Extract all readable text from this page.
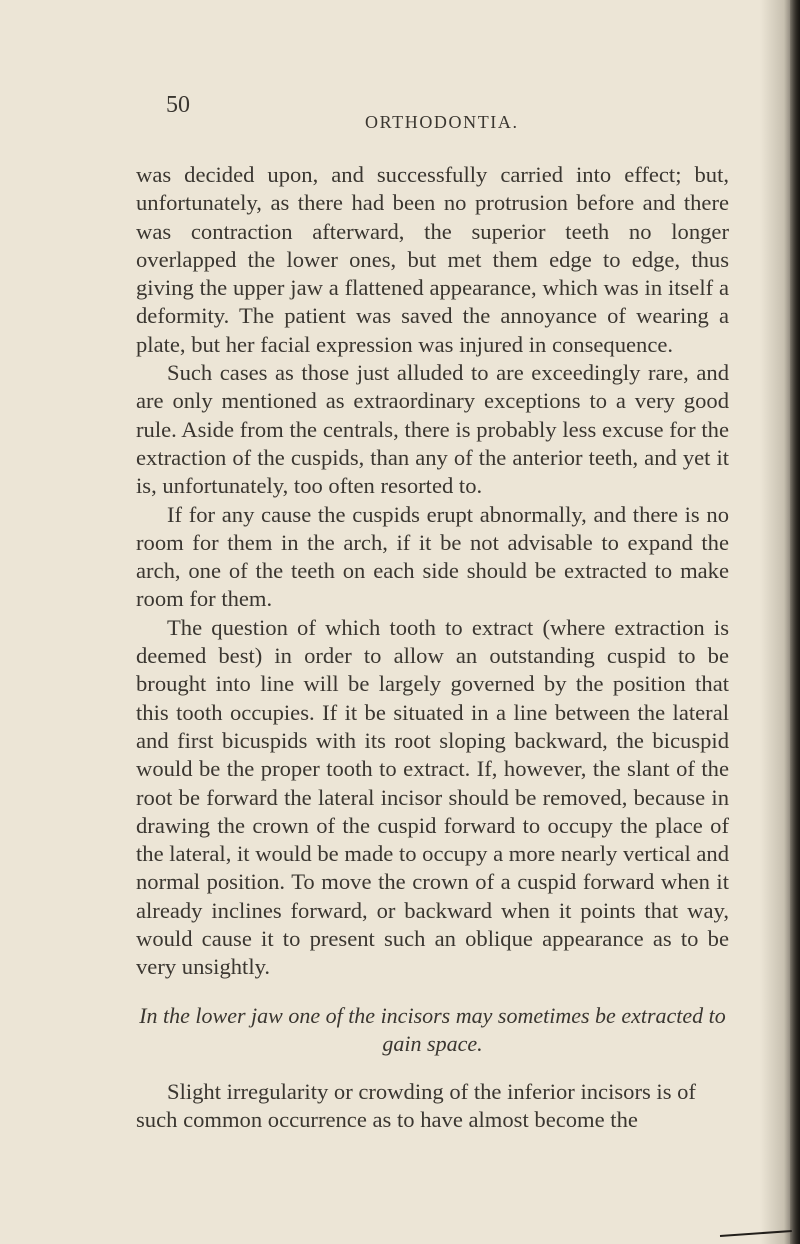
50
ORTHODONTIA.

was decided upon, and successfully carried into effect; but, unfortunately, as there had been no protrusion before and there was contraction afterward, the superior teeth no longer overlapped the lower ones, but met them edge to edge, thus giving the upper jaw a flattened appearance, which was in itself a deformity. The patient was saved the annoyance of wearing a plate, but her facial expression was injured in consequence.

Such cases as those just alluded to are exceedingly rare, and are only mentioned as extraordinary exceptions to a very good rule. Aside from the centrals, there is probably less excuse for the extraction of the cuspids, than any of the anterior teeth, and yet it is, unfortunately, too often resorted to.

If for any cause the cuspids erupt abnormally, and there is no room for them in the arch, if it be not advisable to expand the arch, one of the teeth on each side should be extracted to make room for them.

The question of which tooth to extract (where extraction is deemed best) in order to allow an outstanding cuspid to be brought into line will be largely governed by the position that this tooth occupies. If it be situated in a line between the lateral and first bicuspids with its root sloping backward, the bicuspid would be the proper tooth to extract. If, however, the slant of the root be forward the lateral incisor should be removed, because in drawing the crown of the cuspid forward to occupy the place of the lateral, it would be made to occupy a more nearly vertical and normal position. To move the crown of a cuspid forward when it already inclines forward, or backward when it points that way, would cause it to present such an oblique appearance as to be very unsightly.

In the lower jaw one of the incisors may sometimes be extracted to gain space.

Slight irregularity or crowding of the inferior incisors is of such common occurrence as to have almost become the
